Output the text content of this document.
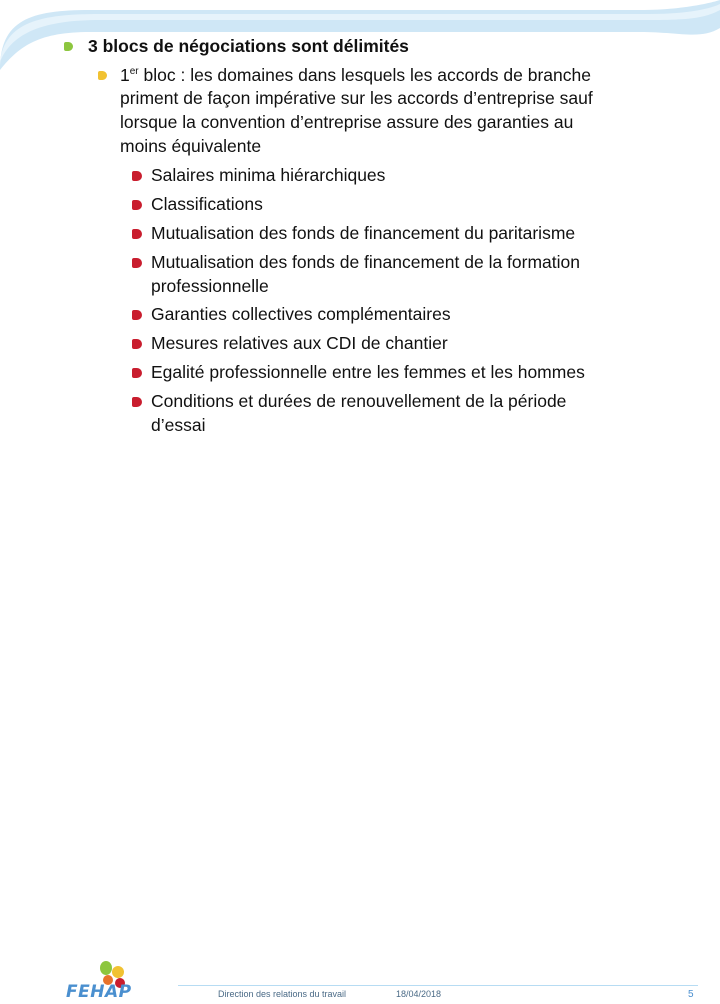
3 blocs de négociations sont délimités

1er bloc : les domaines dans lesquels les accords de branche

priment de façon impérative sur les accords d’entreprise sauf

lorsque la convention d’entreprise assure des garanties au

moins équivalente

Salaires minima hiérarchiques

Classifications

Mutualisation des fonds de financement du paritarisme

Mutualisation des fonds de financement de la formation

professionnelle

Garanties collectives complémentaires

Mesures relatives aux CDI de chantier

Egalité professionnelle entre les femmes et les hommes

Conditions et durées de renouvellement de la période

d’essai

FEHAP	Direction des relations du travail	18/04/2018	5
